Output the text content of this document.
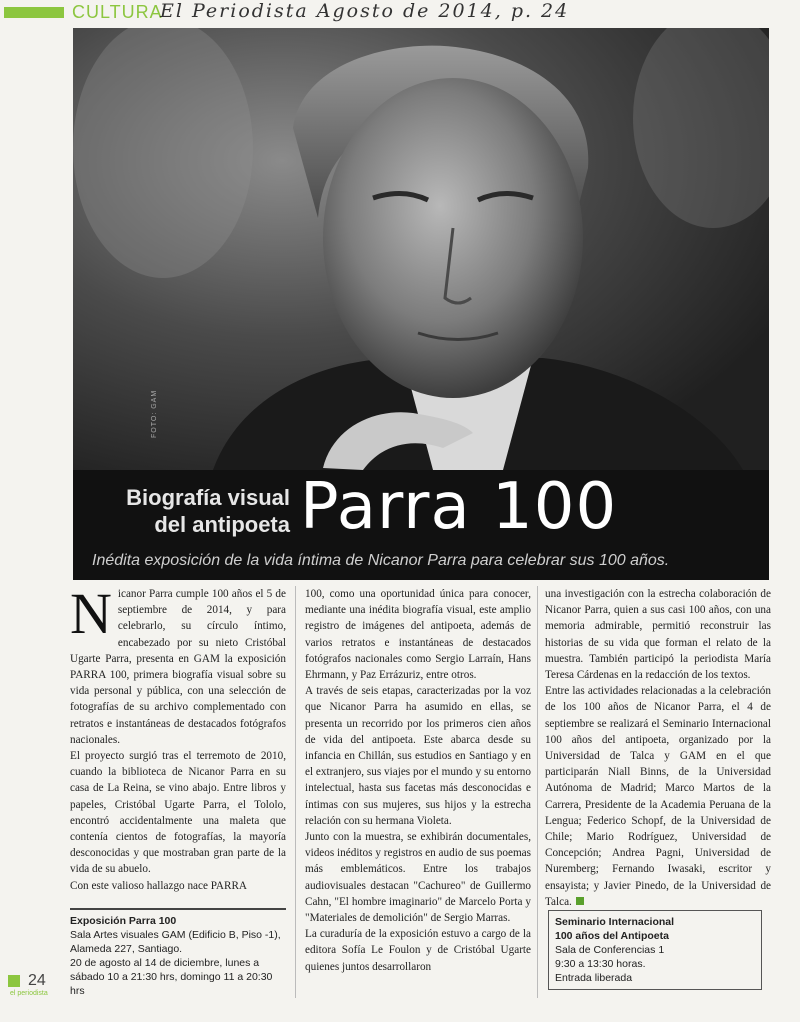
CULTURA
El Periodista Agosto de 2014, p. 24
FOTO: GAM
Biografía visual
del antipoeta Parra 100
Inédita exposición de la vida íntima de Nicanor Parra para celebrar sus 100 años.
N icanor Parra cumple 100 años el 5 de septiembre de 2014, y para celebrarlo, su círculo íntimo, encabezado por su nieto Cristóbal Ugarte Parra, presenta en GAM la exposición PARRA 100, primera biografía visual sobre su vida personal y pública, con una selección de fotografías de su archivo complementado con retratos e instantáneas de destacados fotógrafos nacionales.

El proyecto surgió tras el terremoto de 2010, cuando la biblioteca de Nicanor Parra en su casa de La Reina, se vino abajo. Entre libros y papeles, Cristóbal Ugarte Parra, el Tololo, encontró accidentalmente una maleta que contenía cientos de fotografías, la mayoría desconocidas y que mostraban gran parte de la vida de su abuelo.

Con este valioso hallazgo nace PARRA

100, como una oportunidad única para conocer, mediante una inédita biografía visual, este amplio registro de imágenes del antipoeta, además de varios retratos e instantáneas de destacados fotógrafos nacionales como Sergio Larraín, Hans Ehrmann, y Paz Errázuriz, entre otros.

A través de seis etapas, caracterizadas por la voz que Nicanor Parra ha asumido en ellas, se presenta un recorrido por los primeros cien años de vida del antipoeta. Este abarca desde su infancia en Chillán, sus estudios en Santiago y en el extranjero, sus viajes por el mundo y su entorno intelectual, hasta sus facetas más desconocidas e íntimas con sus mujeres, sus hijos y la estrecha relación con su hermana Violeta.

Junto con la muestra, se exhibirán documentales, videos inéditos y registros en audio de sus poemas más emblemáticos. Entre los trabajos audiovisuales destacan "Cachureo" de Guillermo Cahn, "El hombre imaginario" de Marcelo Porta y "Materiales de demolición" de Sergio Marras.

La curaduría de la exposición estuvo a cargo de la editora Sofía Le Foulon y de Cristóbal Ugarte quienes juntos desarrollaron

una investigación con la estrecha colaboración de Nicanor Parra, quien a sus casi 100 años, con una memoria admirable, permitió reconstruir las historias de su vida que forman el relato de la muestra. También participó la periodista María Teresa Cárdenas en la redacción de los textos.

Entre las actividades relacionadas a la celebración de los 100 años de Nicanor Parra, el 4 de septiembre se realizará el Seminario Internacional 100 años del antipoeta, organizado por la Universidad de Talca y GAM en el que participarán Niall Binns, de la Universidad Autónoma de Madrid; Marco Martos de la Carrera, Presidente de la Academia Peruana de la Lengua; Federico Schopf, de la Universidad de Chile; Mario Rodríguez, Universidad de Concepción; Andrea Pagni, Universidad de Nuremberg; Fernando Iwasaki, escritor y ensayista; y Javier Pinedo, de la Universidad de Talca.

Exposición Parra 100
Sala Artes visuales GAM (Edificio B, Piso -1), Alameda 227, Santiago.
20 de agosto al 14 de diciembre, lunes a sábado 10 a 21:30 hrs, domingo 11 a 20:30 hrs
Seminario Internacional
100 años del Antipoeta
Sala de Conferencias 1
9:30 a 13:30 horas.
Entrada liberada
24
el periodista
